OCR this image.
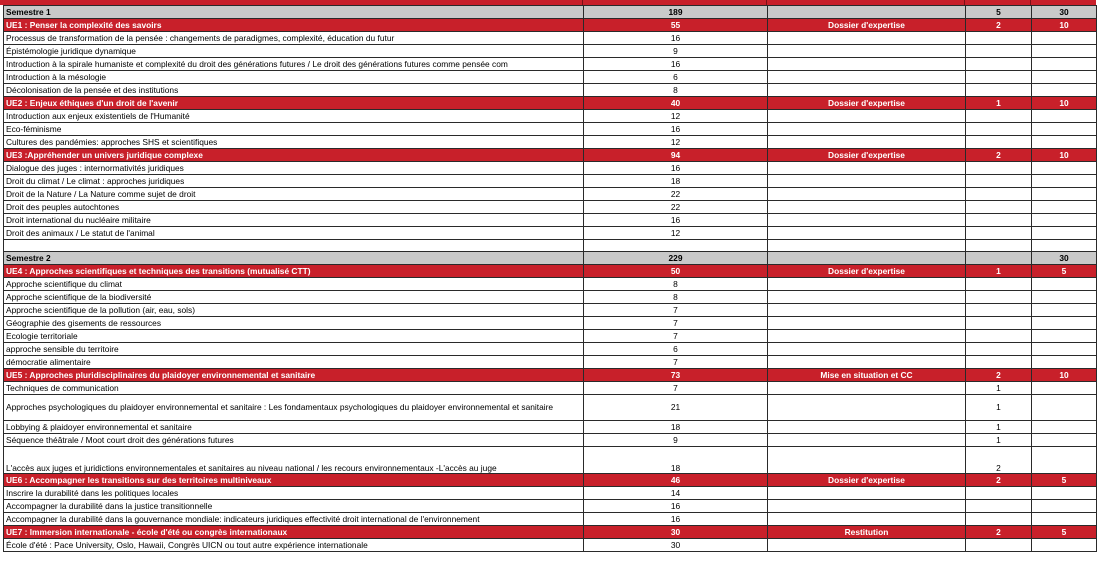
Semestre 1	189		5	30
UE1 : Penser la complexité des savoirs	55	Dossier d'expertise	2	10
Processus de transformation de la pensée : changements de paradigmes, complexité, éducation du futur	16			
Épistémologie juridique dynamique	9			
Introduction à la spirale humaniste et complexité du droit des générations futures / Le droit des générations futures comme pensée com	16			
Introduction à la mésologie	6			
Décolonisation de la pensée et des institutions	8			
UE2 : Enjeux éthiques d'un droit de l'avenir	40	Dossier d'expertise	1	10
Introduction aux enjeux existentiels de l'Humanité	12			
Eco-féminisme	16			
Cultures des pandémies: approches SHS et scientifiques	12			
UE3 :Appréhender un univers juridique complexe	94	Dossier d'expertise	2	10
Dialogue des juges : internormativités juridiques	16			
Droit du climat / Le climat : approches juridiques	18			
Droit de la Nature / La Nature comme sujet de droit	22			
Droit des peuples autochtones	22			
Droit international du nucléaire militaire	16			
Droit des animaux / Le statut de l'animal	12			

Semestre 2	229			30
UE4 : Approches scientifiques et techniques des transitions (mutualisé CTT)	50	Dossier d'expertise	1	5
Approche scientifique du climat	8			
Approche scientifique de la biodiversité	8			
Approche scientifique de la pollution (air, eau, sols)	7			
Géographie des gisements de ressources	7			
Ecologie territoriale	7			
approche sensible du territoire	6			
démocratie alimentaire	7			
UE5 : Approches pluridisciplinaires du plaidoyer environnemental et sanitaire	73	Mise en situation et CC	2	10
Techniques de communication	7		1	
Approches psychologiques du plaidoyer environnemental et sanitaire : Les fondamentaux psychologiques du plaidoyer environnemental et sanitaire	21		1	
Lobbying & plaidoyer environnemental et sanitaire	18		1	
Séquence théâtrale / Moot court droit des générations futures	9		1	
L'accès aux juges et juridictions environnementales et sanitaires au niveau national / les recours environnementaux -L'accès au juge	18		2	
UE6 : Accompagner les transitions sur des territoires multiniveaux	46	Dossier d'expertise	2	5
Inscrire la durabilité dans les politiques locales	14			
Accompagner la durabilité dans la justice transitionnelle	16			
Accompagner la durabilité dans la gouvernance mondiale: indicateurs juridiques effectivité droit international de l'environnement	16			
UE7 : Immersion internationale - école d'été ou congrès internationaux	30	Restitution	2	5
École d'été : Pace University, Oslo, Hawaii, Congrès UICN ou tout autre expérience internationale	30			
